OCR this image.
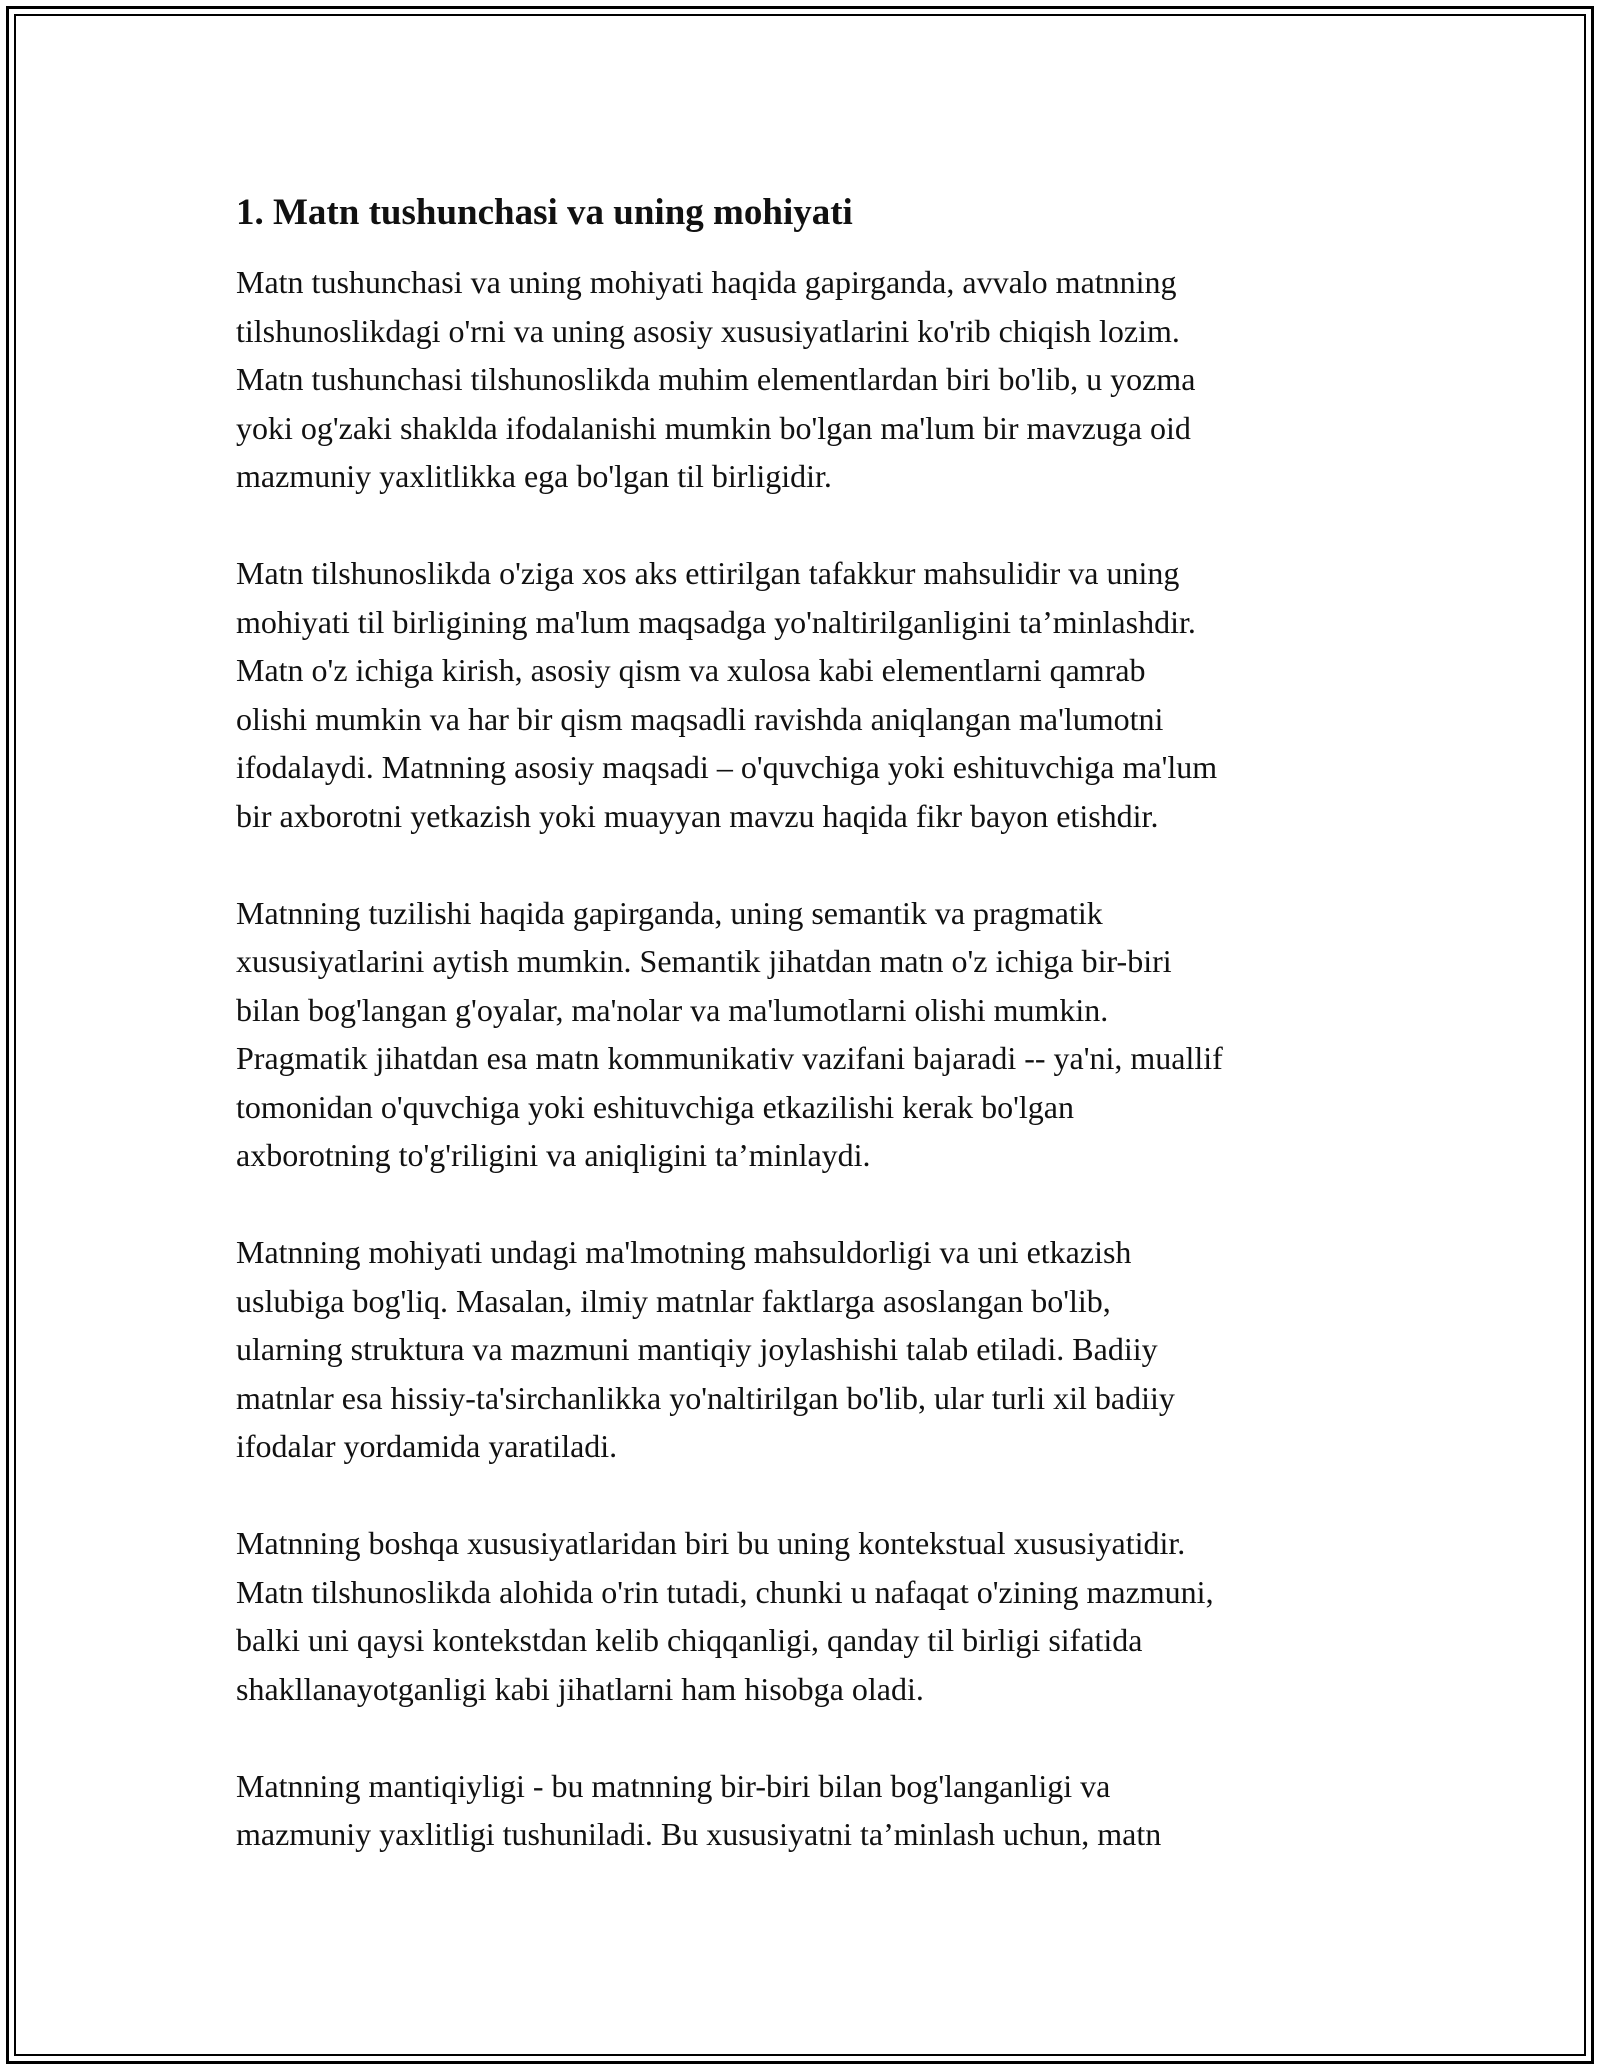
1. Matn tushunchasi va uning mohiyati
Matn tushunchasi va uning mohiyati haqida gapirganda, avvalo matnning
tilshunoslikdagi o'rni va uning asosiy xususiyatlarini ko'rib chiqish lozim.
Matn tushunchasi tilshunoslikda muhim elementlardan biri bo'lib, u yozma
yoki og'zaki shaklda ifodalanishi mumkin bo'lgan ma'lum bir mavzuga oid
mazmuniy yaxlitlikka ega bo'lgan til birligidir.
Matn tilshunoslikda o'ziga xos aks ettirilgan tafakkur mahsulidir va uning
mohiyati til birligining ma'lum maqsadga yo'naltirilganligini ta’minlashdir.
Matn o'z ichiga kirish, asosiy qism va xulosa kabi elementlarni qamrab
olishi mumkin va har bir qism maqsadli ravishda aniqlangan ma'lumotni
ifodalaydi. Matnning asosiy maqsadi – o'quvchiga yoki eshituvchiga ma'lum
bir axborotni yetkazish yoki muayyan mavzu haqida fikr bayon etishdir.
Matnning tuzilishi haqida gapirganda, uning semantik va pragmatik
xususiyatlarini aytish mumkin. Semantik jihatdan matn o'z ichiga bir-biri
bilan bog'langan g'oyalar, ma'nolar va ma'lumotlarni olishi mumkin.
Pragmatik jihatdan esa matn kommunikativ vazifani bajaradi -- ya'ni, muallif
tomonidan o'quvchiga yoki eshituvchiga etkazilishi kerak bo'lgan
axborotning to'g'riligini va aniqligini ta’minlaydi.
Matnning mohiyati undagi ma'lmotning mahsuldorligi va uni etkazish
uslubiga bog'liq. Masalan, ilmiy matnlar faktlarga asoslangan bo'lib,
ularning struktura va mazmuni mantiqiy joylashishi talab etiladi. Badiiy
matnlar esa hissiy-ta'sirchanlikka yo'naltirilgan bo'lib, ular turli xil badiiy
ifodalar yordamida yaratiladi.
Matnning boshqa xususiyatlaridan biri bu uning kontekstual xususiyatidir.
Matn tilshunoslikda alohida o'rin tutadi, chunki u nafaqat o'zining mazmuni,
balki uni qaysi kontekstdan kelib chiqqanligi, qanday til birligi sifatida
shakllanayotganligi kabi jihatlarni ham hisobga oladi.
Matnning mantiqiyligi - bu matnning bir-biri bilan bog'langanligi va
mazmuniy yaxlitligi tushuniladi. Bu xususiyatni ta’minlash uchun, matn
